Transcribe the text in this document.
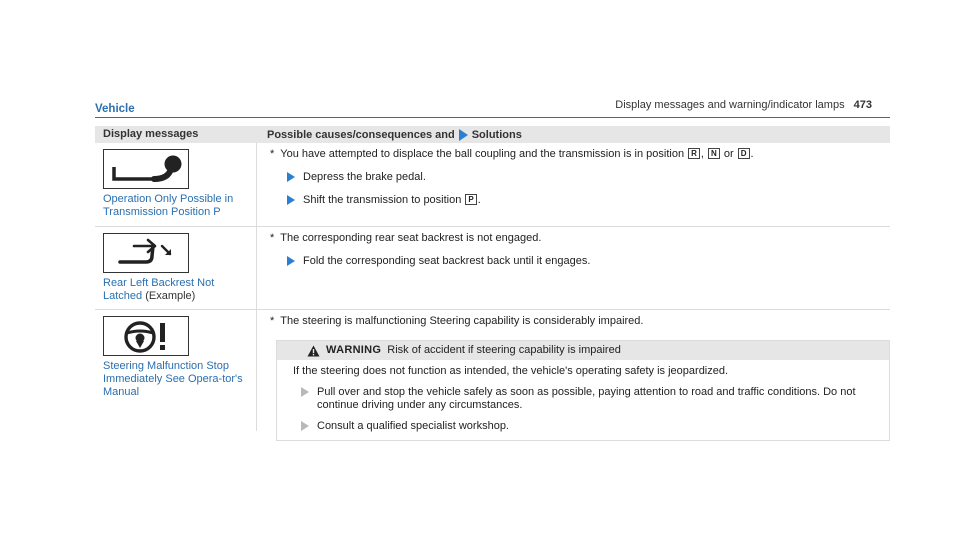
Display messages and warning/indicator lamps 473
Vehicle
Display messages	Possible causes/consequences and Solutions
Operation Only Possible in Transmission Position P
* You have attempted to displace the ball coupling and the transmission is in position R , N or D .
Depress the brake pedal.
Shift the transmission to position P .
Rear Left Backrest Not Latched (Example)
* The corresponding rear seat backrest is not engaged.
Fold the corresponding seat backrest back until it engages.
Steering Malfunction Stop Immediately See Opera-tor's Manual
* The steering is malfunctioning Steering capability is considerably impaired.
WARNING Risk of accident if steering capability is impaired
If the steering does not function as intended, the vehicle's operating safety is jeopardized.
Pull over and stop the vehicle safely as soon as possible, paying attention to road and traffic conditions. Do not continue driving under any circumstances.
Consult a qualified specialist workshop.
